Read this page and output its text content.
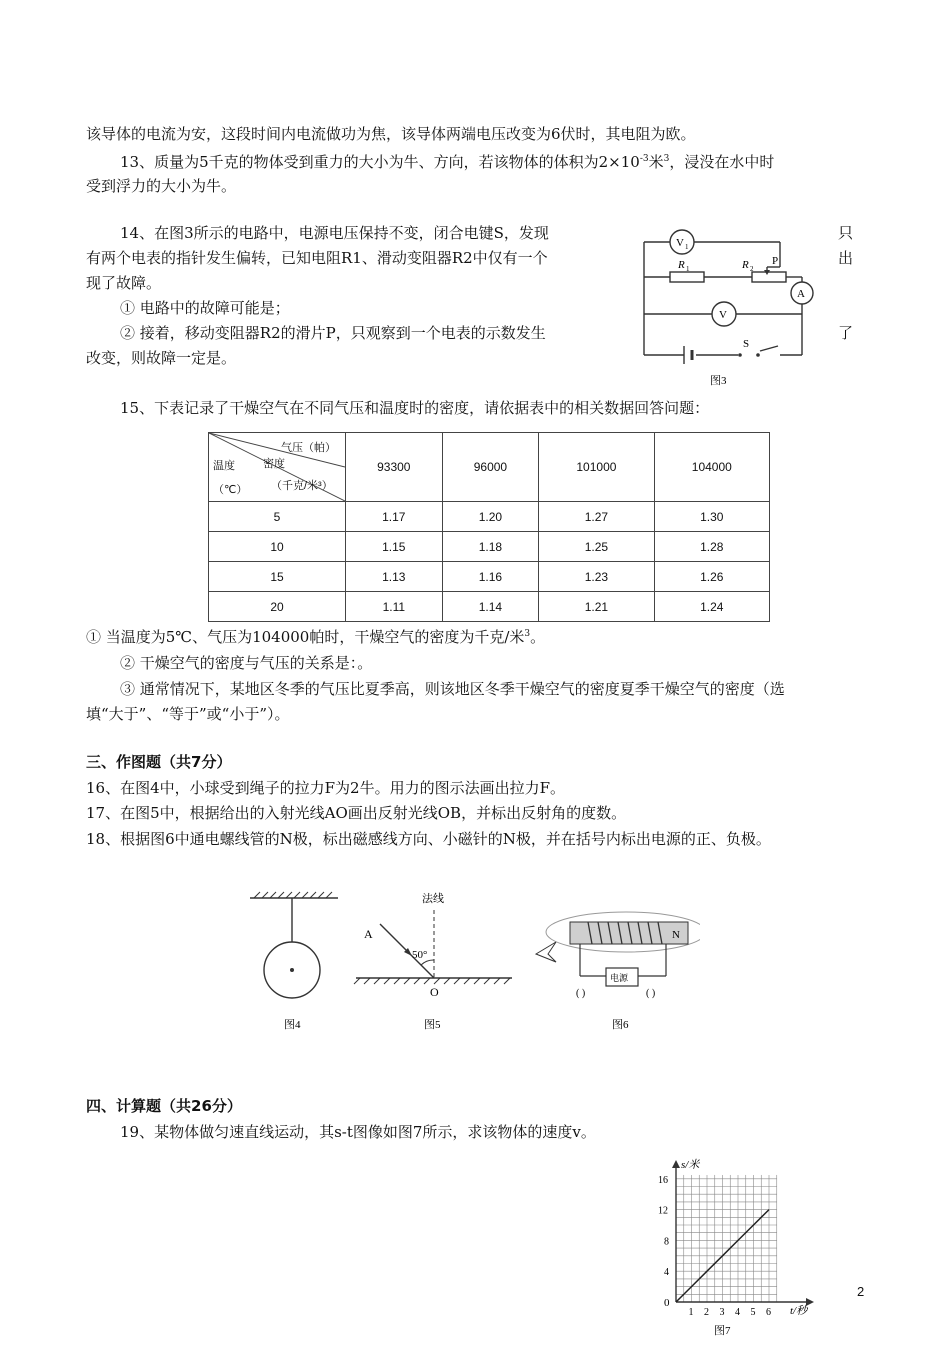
该导体的电流为安，这段时间内电流做功为焦，该导体两端电压改变为6伏时，其电阻为欧。
13、质量为5千克的物体受到重力的大小为牛、方向，若该物体的体积为$2\times 10^{-3}$米$^3$，浸没在水中时
受到浮力的大小为牛。
14、在图3所示的电路中，电源电压保持不变，闭合电键S，发现	只
有两个电表的指针发生偏转，已知电阻R1、滑动变阻器R2中仅有一个	出
现了故障。
① 电路中的故障可能是；
② 接着，移动变阻器R2的滑片P，只观察到一个电表的示数发生	了
改变，则故障一定是。
V 1
R 1	R 2
P
A
V
S
图3
15、下表记录了干燥空气在不同气压和温度时的密度，请依据表中的相关数据回答问题：
气压（帕）
密度
温度
（℃） （千克/米³）	93300	96000	101000	104000
5	1.17	1.20	1.27	1.30
10	1.15	1.18	1.25	1.28
15	1.13	1.16	1.23	1.26
20	1.11	1.14	1.21	1.24
① 当温度为5℃、气压为104000帕时，干燥空气的密度为千克/米$^3$。
② 干燥空气的密度与气压的关系是：。
③ 通常情况下，某地区冬季的气压比夏季高，则该地区冬季干燥空气的密度夏季干燥空气的密度（选
填“大于”、“等于”或“小于”）。
三、作图题（共7分）
16、在图4中，小球受到绳子的拉力F为2牛。用力的图示法画出拉力F。
17、在图5中，根据给出的入射光线AO画出反射光线OB，并标出反射角的度数。
18、根据图6中通电螺线管的N极，标出磁感线方向、小磁针的N极，并在括号内标出电源的正、负极。
图4
法线
A
50°
O
图5
N
电源
( )	( )
图6
四、计算题（共26分）
19、某物体做匀速直线运动，其s-t图像如图7所示，求该物体的速度v。
1 2 3 4 5 6
4
8
12
16
s/米
t/秒
0
图7
2
